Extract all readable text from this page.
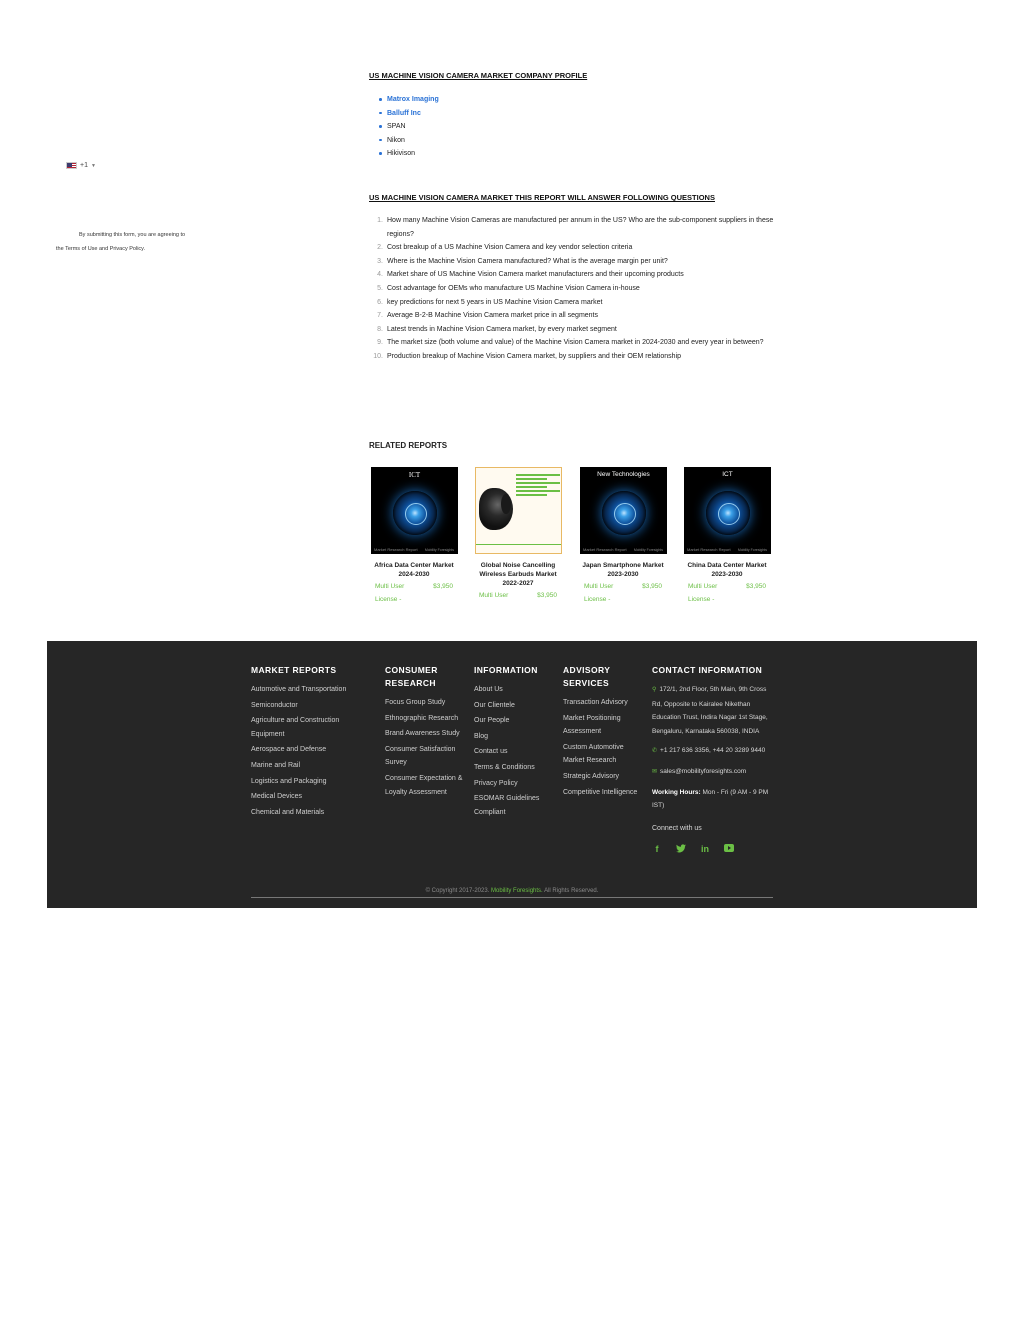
+1 ▼
By submitting this form, you are agreeing to
the Terms of Use and Privacy Policy.
US MACHINE VISION CAMERA MARKET COMPANY PROFILE
Matrox Imaging
Balluff Inc
SPAN
Nikon
Hikivison
US MACHINE VISION CAMERA MARKET THIS REPORT WILL ANSWER FOLLOWING QUESTIONS
1. How many Machine Vision Cameras are manufactured per annum in the US? Who are the sub-component suppliers in these regions?
2. Cost breakup of a US Machine Vision Camera and key vendor selection criteria
3. Where is the Machine Vision Camera manufactured? What is the average margin per unit?
4. Market share of US Machine Vision Camera market manufacturers and their upcoming products
5. Cost advantage for OEMs who manufacture US Machine Vision Camera in-house
6. key predictions for next 5 years in US Machine Vision Camera market
7. Average B-2-B Machine Vision Camera market price in all segments
8. Latest trends in Machine Vision Camera market, by every market segment
9. The market size (both volume and value) of the Machine Vision Camera market in 2024-2030 and every year in between?
10. Production breakup of Machine Vision Camera market, by suppliers and their OEM relationship
RELATED REPORTS
ICT
Market Research Report Mobility Foresights
Africa Data Center Market 2024-2030
Multi User License -
$3,950
Global Noise Cancelling Wireless Earbuds Market 2022-2027
Multi User	$3,950
New Technologies
Market Research Report Mobility Foresights
Japan Smartphone Market 2023-2030
Multi User License -
$3,950
ICT
Market Research Report Mobility Foresights
China Data Center Market 2023-2030
Multi User License -
$3,950
MARKET REPORTS
Automotive and Transportation
Semiconductor
Agriculture and Construction Equipment
Aerospace and Defense
Marine and Rail
Logistics and Packaging
Medical Devices
Chemical and Materials
CONSUMER RESEARCH
Focus Group Study
Ethnographic Research
Brand Awareness Study
Consumer Satisfaction Survey
Consumer Expectation & Loyalty Assessment
INFORMATION
About Us
Our Clientele
Our People
Blog
Contact us
Terms & Conditions
Privacy Policy
ESOMAR Guidelines Compliant
ADVISORY SERVICES
Transaction Advisory
Market Positioning Assessment
Custom Automotive Market Research
Strategic Advisory
Competitive Intelligence
CONTACT INFORMATION
⚲ 172/1, 2nd Floor, 5th Main, 9th Cross Rd, Opposite to Kairalee Nikethan Education Trust, Indira Nagar 1st Stage, Bengaluru, Karnataka 560038, INDIA
✆ +1 217 636 3356, +44 20 3289 9440
✉ sales@mobilityforesights.com
Working Hours: Mon - Fri (9 AM - 9 PM IST)
Connect with us
f	in
© Copyright 2017-2023. Mobility Foresights. All Rights Reserved.
